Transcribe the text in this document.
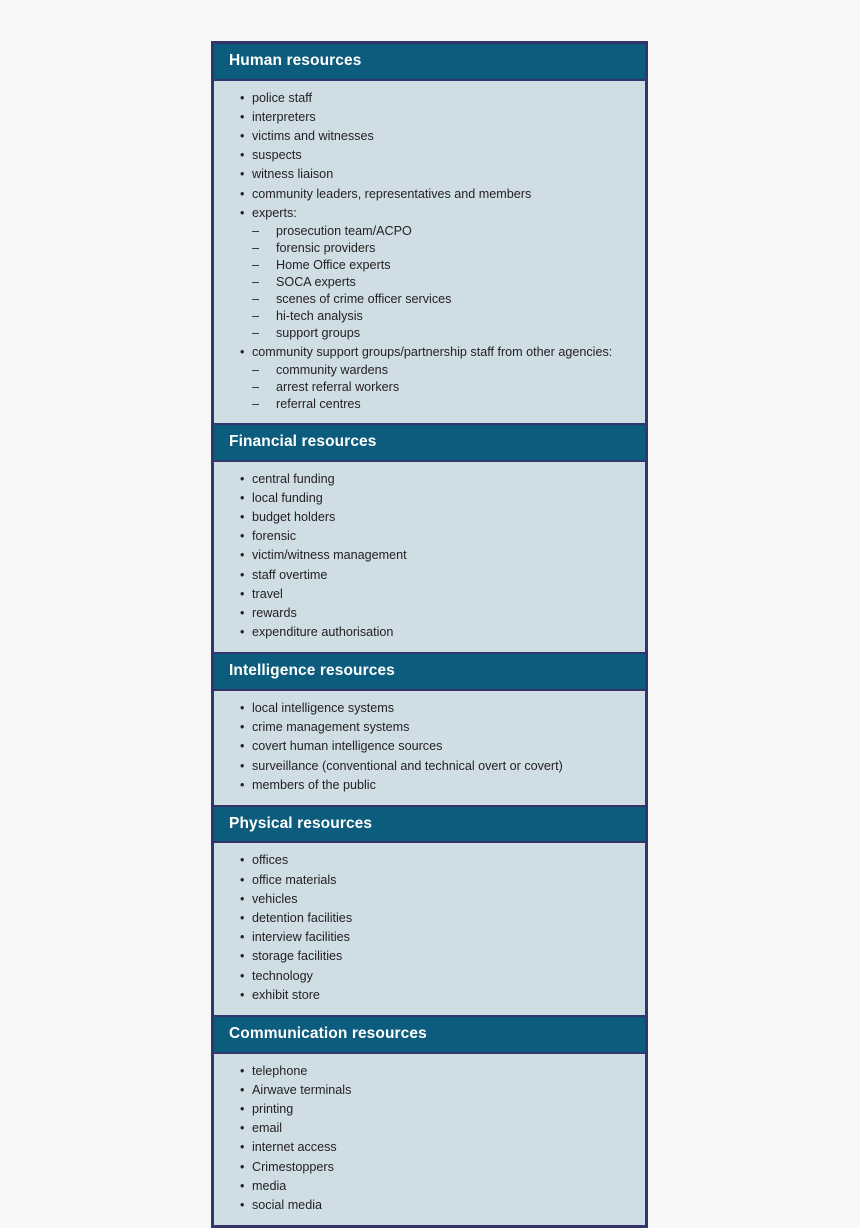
Human resources
• police staff
• interpreters
• victims and witnesses
• suspects
• witness liaison
• community leaders, representatives and members
• experts:
– prosecution team/ACPO
– forensic providers
– Home Office experts
– SOCA experts
– scenes of crime officer services
– hi-tech analysis
– support groups
• community support groups/partnership staff from other agencies:
– community wardens
– arrest referral workers
– referral centres
Financial resources
• central funding
• local funding
• budget holders
• forensic
• victim/witness management
• staff overtime
• travel
• rewards
• expenditure authorisation
Intelligence resources
• local intelligence systems
• crime management systems
• covert human intelligence sources
• surveillance (conventional and technical overt or covert)
• members of the public
Physical resources
• offices
• office materials
• vehicles
• detention facilities
• interview facilities
• storage facilities
• technology
• exhibit store
Communication resources
• telephone
• Airwave terminals
• printing
• email
• internet access
• Crimestoppers
• media
• social media
